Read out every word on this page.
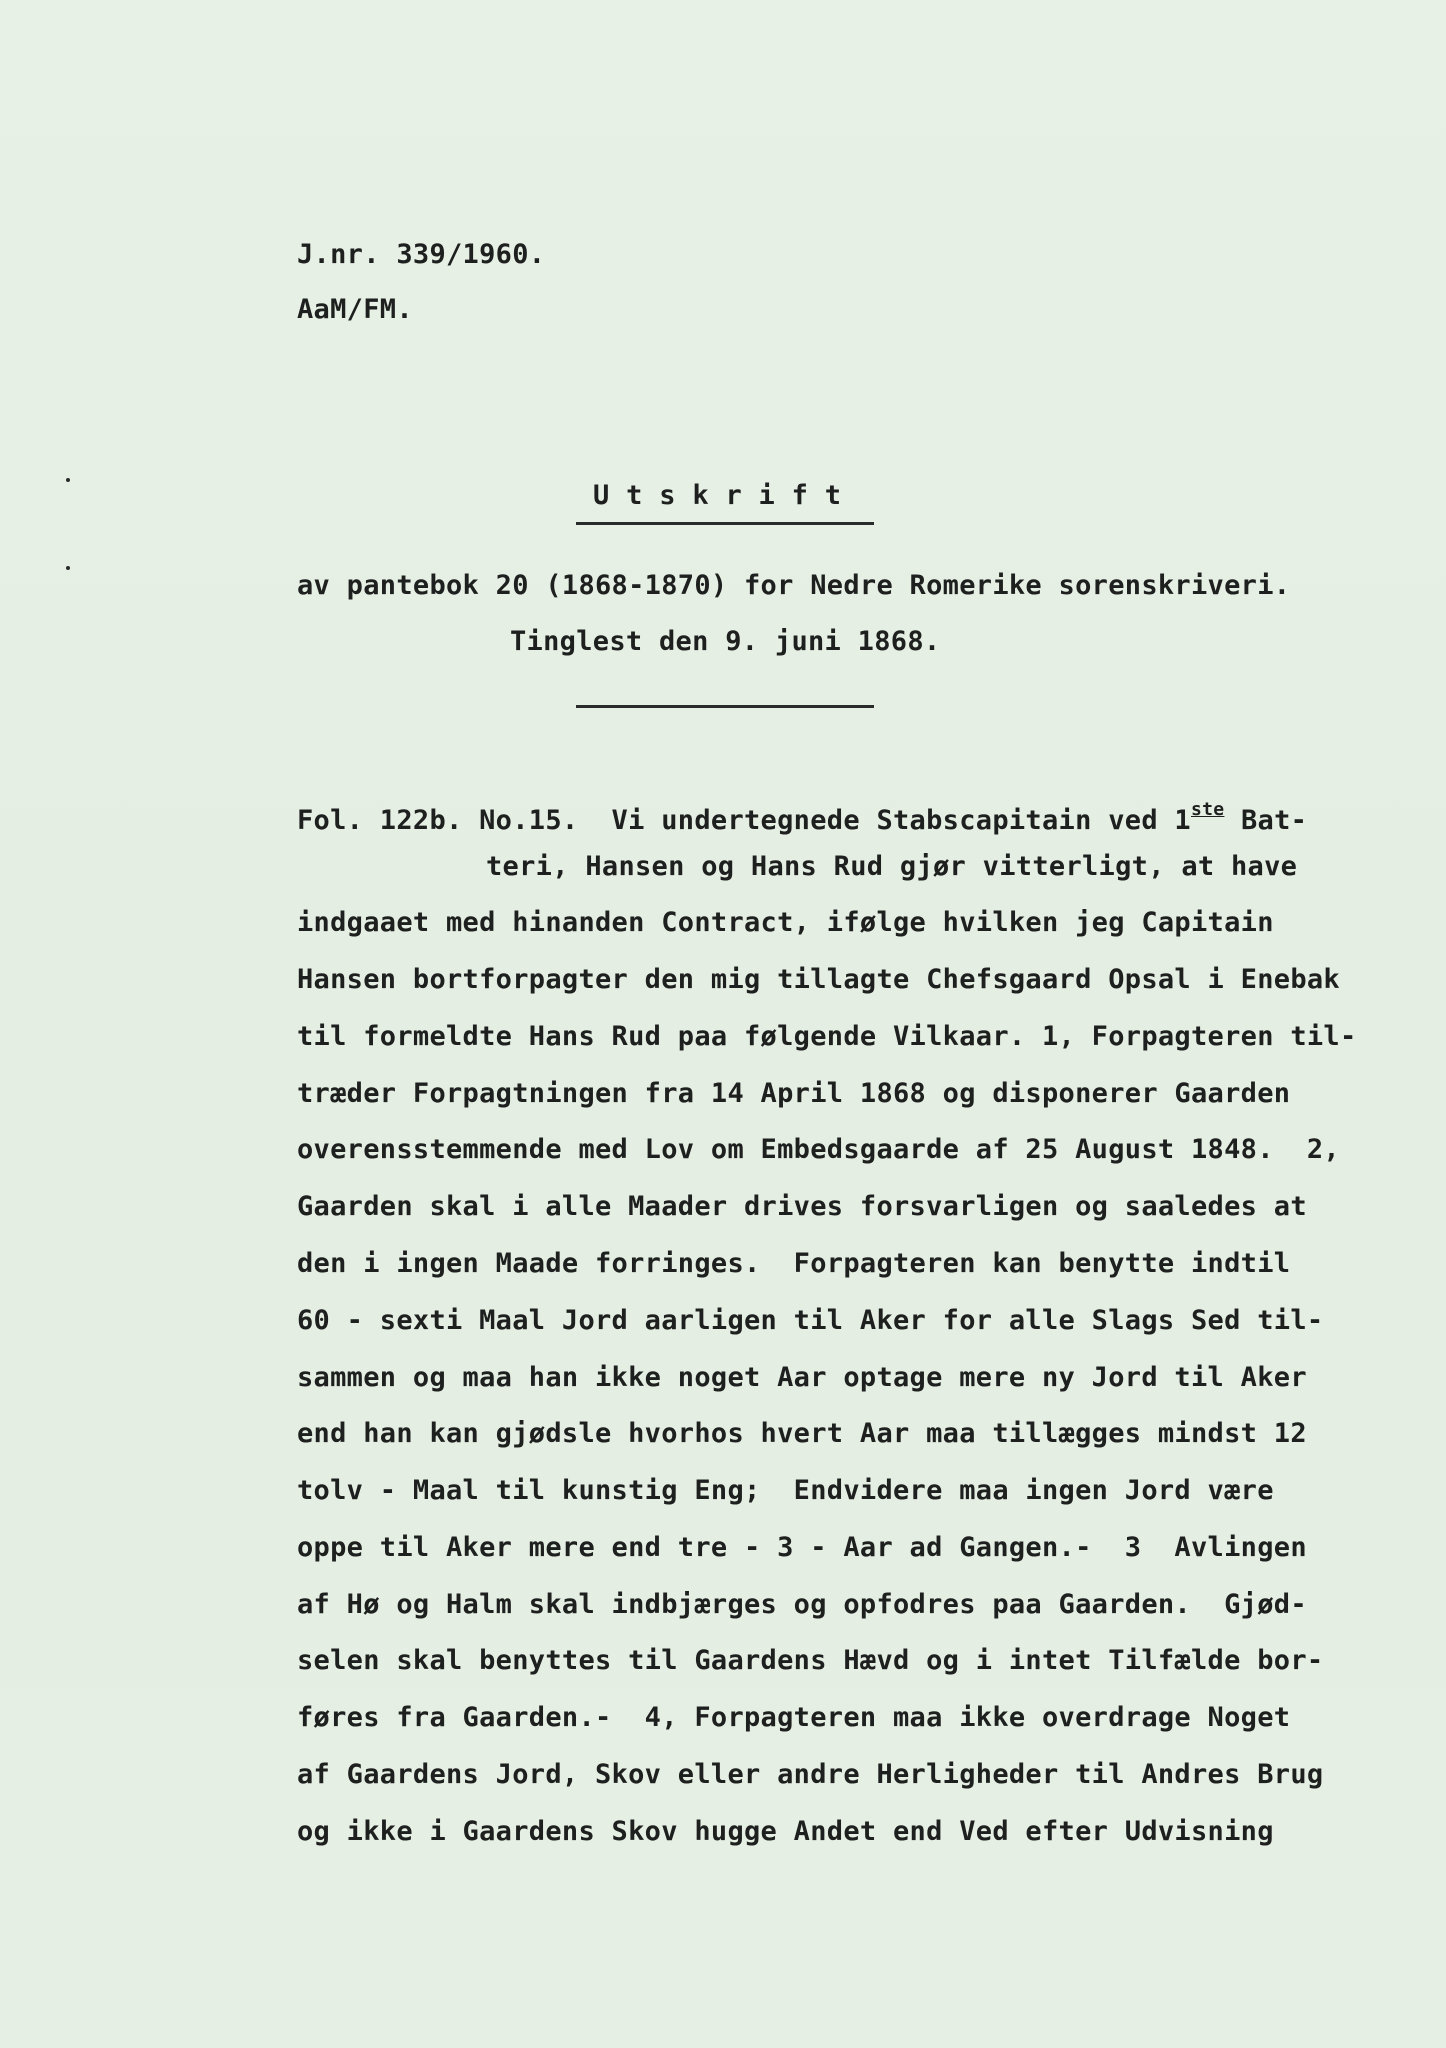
J.nr. 339/1960.
AaM/FM.
U t s k r i f t
av pantebok 20 (1868-1870) for Nedre Romerike sorenskriveri.
Tinglest den 9. juni 1868.
Fol. 122b. No.15.  Vi undertegnede Stabscapitain ved 1ste Bat-
teri, Hansen og Hans Rud gjør vitterligt, at have
indgaaet med hinanden Contract, ifølge hvilken jeg Capitain
Hansen bortforpagter den mig tillagte Chefsgaard Opsal i Enebak
til formeldte Hans Rud paa følgende Vilkaar. 1, Forpagteren til-
træder Forpagtningen fra 14 April 1868 og disponerer Gaarden
overensstemmende med Lov om Embedsgaarde af 25 August 1848.  2,
Gaarden skal i alle Maader drives forsvarligen og saaledes at
den i ingen Maade forringes.  Forpagteren kan benytte indtil
60 - sexti Maal Jord aarligen til Aker for alle Slags Sed til-
sammen og maa han ikke noget Aar optage mere ny Jord til Aker
end han kan gjødsle hvorhos hvert Aar maa tillægges mindst 12
tolv - Maal til kunstig Eng;  Endvidere maa ingen Jord være
oppe til Aker mere end tre - 3 - Aar ad Gangen.-  3  Avlingen
af Hø og Halm skal indbjærges og opfodres paa Gaarden.  Gjød-
selen skal benyttes til Gaardens Hævd og i intet Tilfælde bor-
føres fra Gaarden.-  4, Forpagteren maa ikke overdrage Noget
af Gaardens Jord, Skov eller andre Herligheder til Andres Brug
og ikke i Gaardens Skov hugge Andet end Ved efter Udvisning
